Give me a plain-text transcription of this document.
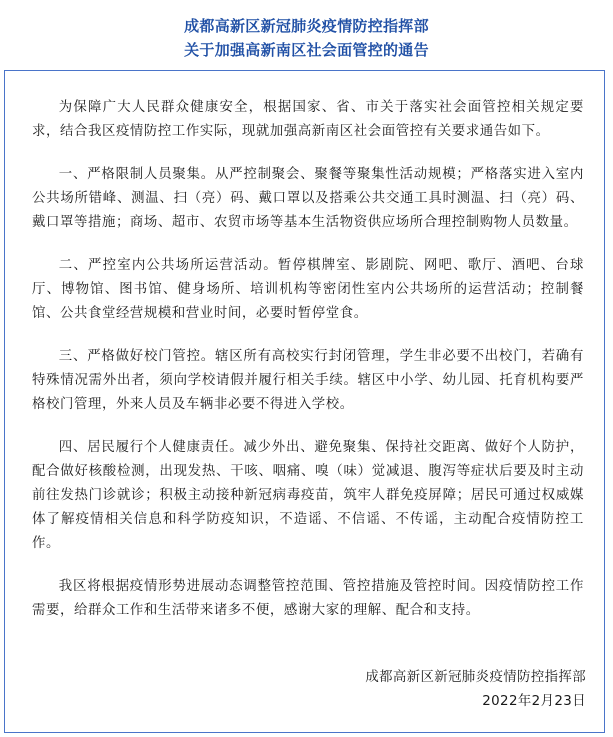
成都高新区新冠肺炎疫情防控指挥部
关于加强高新南区社会面管控的通告

为保障广大人民群众健康安全，根据国家、省、市关于落实社会面管控相关规定要求，结合我区疫情防控工作实际，现就加强高新南区社会面管控有关要求通告如下。

一、严格限制人员聚集。从严控制聚会、聚餐等聚集性活动规模；严格落实进入室内公共场所错峰、测温、扫（亮）码、戴口罩以及搭乘公共交通工具时测温、扫（亮）码、戴口罩等措施；商场、超市、农贸市场等基本生活物资供应场所合理控制购物人员数量。

二、严控室内公共场所运营活动。暂停棋牌室、影剧院、网吧、歌厅、酒吧、台球厅、博物馆、图书馆、健身场所、培训机构等密闭性室内公共场所的运营活动；控制餐馆、公共食堂经营规模和营业时间，必要时暂停堂食。

三、严格做好校门管控。辖区所有高校实行封闭管理，学生非必要不出校门，若确有特殊情况需外出者，须向学校请假并履行相关手续。辖区中小学、幼儿园、托育机构要严格校门管理，外来人员及车辆非必要不得进入学校。

四、居民履行个人健康责任。减少外出、避免聚集、保持社交距离、做好个人防护，配合做好核酸检测，出现发热、干咳、咽痛、嗅（味）觉减退、腹泻等症状后要及时主动前往发热门诊就诊；积极主动接种新冠病毒疫苗，筑牢人群免疫屏障；居民可通过权威媒体了解疫情相关信息和科学防疫知识，不造谣、不信谣、不传谣，主动配合疫情防控工作。

我区将根据疫情形势进展动态调整管控范围、管控措施及管控时间。因疫情防控工作需要，给群众工作和生活带来诸多不便，感谢大家的理解、配合和支持。

成都高新区新冠肺炎疫情防控指挥部
2022年2月23日
